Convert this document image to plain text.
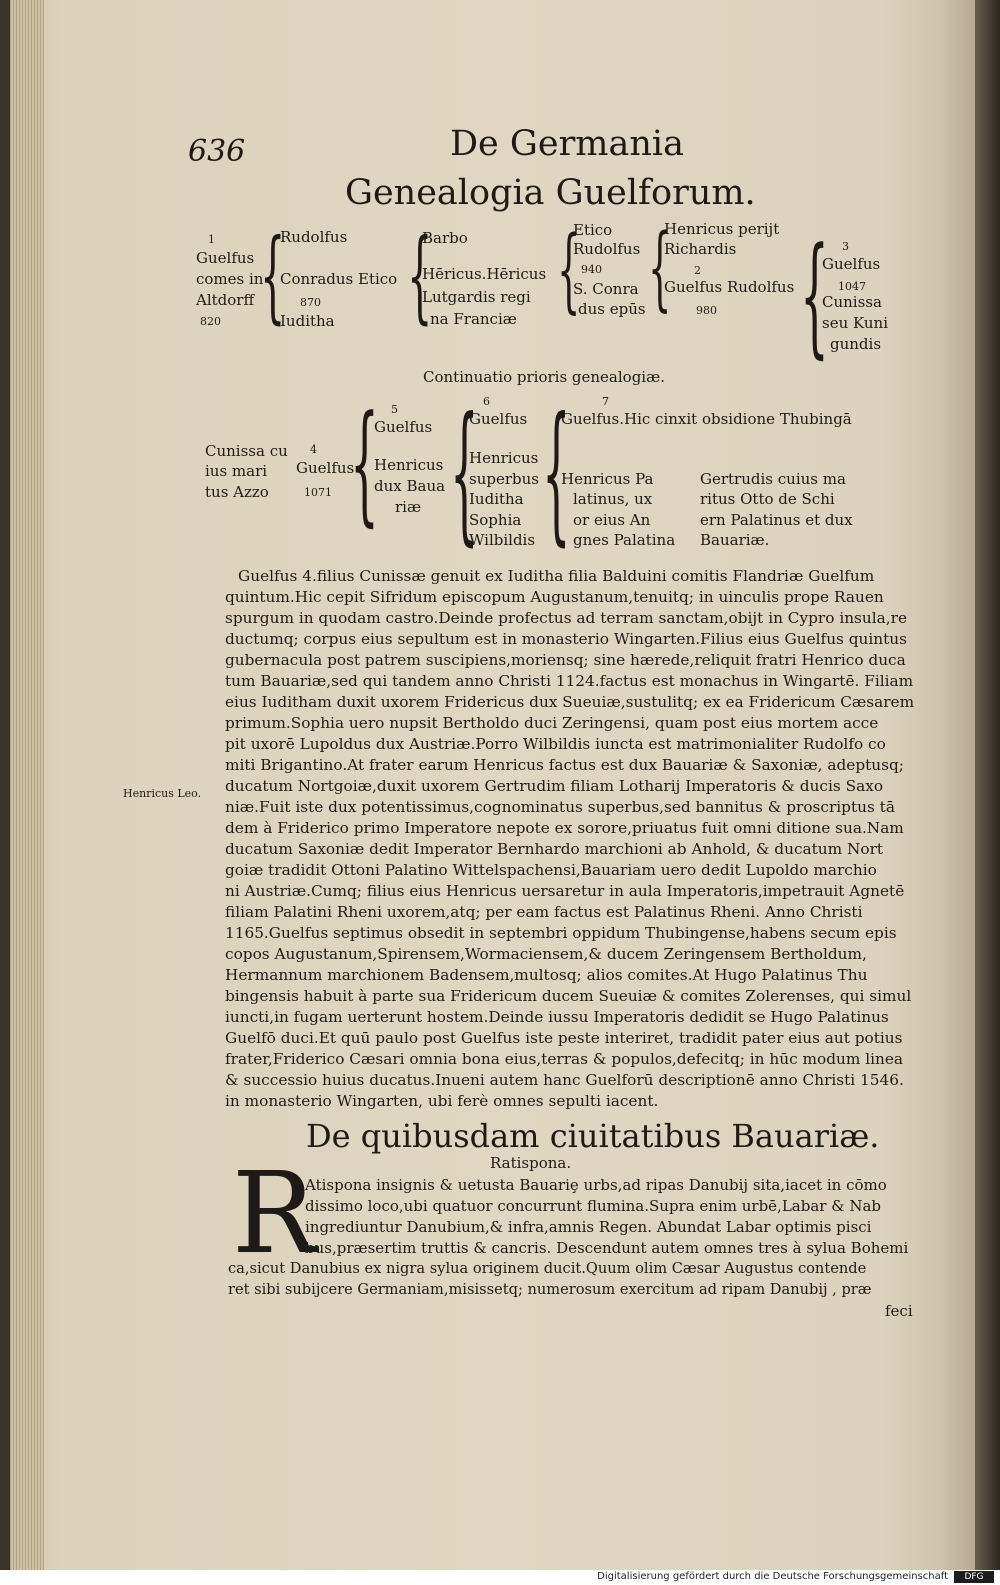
636	De Germania
Genealogia Guelforum.
1
Guelfus
comes in
Altdorff
820 {
Rudolfus
Conradus Etico
870
Iuditha {
Barbo
Hēricus.Hēricus
Lutgardis regi
na Franciæ {
Etico
Rudolfus
940
S. Conra
dus epūs {
Henricus perijt
Richardis
2
Guelfus Rudolfus
980 { 3
Guelfus
1047
Cunissa
seu Kuni
gundis
Continuatio prioris genealogiæ.
Cunissa cu
ius mari
tus Azzo
4
Guelfus
1071 { 5
Guelfus
Henricus
dux Baua
riæ { 6
Guelfus
Henricus
superbus
Iuditha
Sophia
Wilbildis {	7
Guelfus.Hic cinxit obsidione Thubingā
Henricus Pa
latinus, ux
or eius An
gnes Palatina
Gertrudis cuius ma
ritus Otto de Schi
ern Palatinus et dux
Bauariæ.
Henricus Leo.
Guelfus 4.filius Cunissæ genuit ex Iuditha filia Balduini comitis Flandriæ Guelfum
quintum.Hic cepit Sifridum episcopum Augustanum,tenuitq; in uinculis prope Rauen
spurgum in quodam castro.Deinde profectus ad terram sanctam,obijt in Cypro insula,re
ductumq; corpus eius sepultum est in monasterio Wingarten.Filius eius Guelfus quintus
gubernacula post patrem suscipiens,moriensq; sine hærede,reliquit fratri Henrico duca
tum Bauariæ,sed qui tandem anno Christi 1124.factus est monachus in Wingartē. Filiam
eius Iuditham duxit uxorem Fridericus dux Sueuiæ,sustulitq; ex ea Fridericum Cæsarem
primum.Sophia uero nupsit Bertholdo duci Zeringensi, quam post eius mortem acce
pit uxorē Lupoldus dux Austriæ.Porro Wilbildis iuncta est matrimonialiter Rudolfo co
miti Brigantino.At frater earum Henricus factus est dux Bauariæ & Saxoniæ, adeptusq;
ducatum Nortgoiæ,duxit uxorem Gertrudim filiam Lotharij Imperatoris & ducis Saxo
niæ.Fuit iste dux potentissimus,cognominatus superbus,sed bannitus & proscriptus tā
dem à Friderico primo Imperatore nepote ex sorore,priuatus fuit omni ditione sua.Nam
ducatum Saxoniæ dedit Imperator Bernhardo marchioni ab Anhold, & ducatum Nort
goiæ tradidit Ottoni Palatino Wittelspachensi,Bauariam uero dedit Lupoldo marchio
ni Austriæ.Cumq; filius eius Henricus uersaretur in aula Imperatoris,impetrauit Agnetē
filiam Palatini Rheni uxorem,atq; per eam factus est Palatinus Rheni. Anno Christi
1165.Guelfus septimus obsedit in septembri oppidum Thubingense,habens secum epis
copos Augustanum,Spirensem,Wormaciensem,& ducem Zeringensem Bertholdum,
Hermannum marchionem Badensem,multosq; alios comites.At Hugo Palatinus Thu
bingensis habuit à parte sua Fridericum ducem Sueuiæ & comites Zolerenses, qui simul
iuncti,in fugam uerterunt hostem.Deinde iussu Imperatoris dedidit se Hugo Palatinus
Guelfō duci.Et quū paulo post Guelfus iste peste interiret, tradidit pater eius aut potius
frater,Friderico Cæsari omnia bona eius,terras & populos,defecitq; in hūc modum linea
& successio huius ducatus.Inueni autem hanc Guelforū descriptionē anno Christi 1546.
in monasterio Wingarten, ubi ferè omnes sepulti iacent.
De quibusdam ciuitatibus Bauariæ.
Ratispona.
R
Atispona insignis & uetusta Bauariȩ urbs,ad ripas Danubij sita,iacet in cōmo
dissimo loco,ubi quatuor concurrunt flumina.Supra enim urbē,Labar & Nab
ingrediuntur Danubium,& infra,amnis Regen. Abundat Labar optimis pisci
bus,præsertim truttis & cancris. Descendunt autem omnes tres à sylua Bohemi
ca,sicut Danubius ex nigra sylua originem ducit.Quum olim Cæsar Augustus contende
ret sibi subijcere Germaniam,misissetq; numerosum exercitum ad ripam Danubij , præ
feci
Digitalisierung gefördert durch die Deutsche Forschungsgemeinschaft	DFG
